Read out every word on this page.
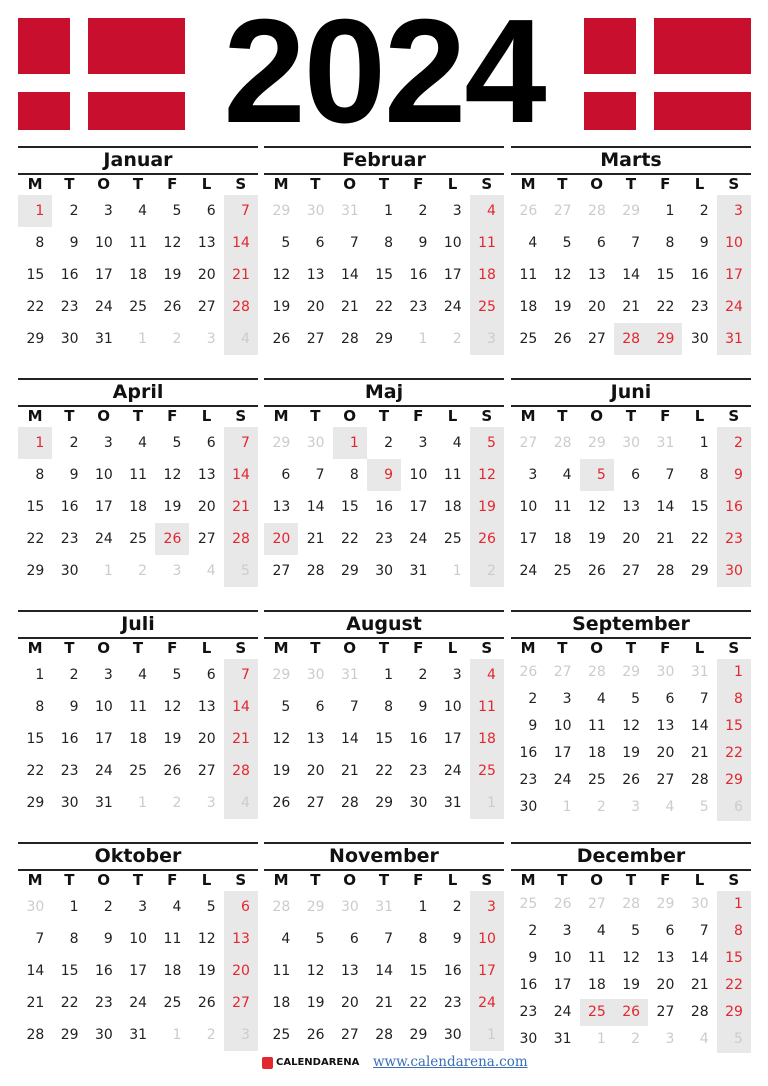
2024
Januar
M	T	O	T	F	L	S
1	2	3	4	5	6	7
8	9	10	11	12	13	14
15	16	17	18	19	20	21
22	23	24	25	26	27	28
29	30	31	1	2	3	4
Februar
M	T	O	T	F	L	S
29	30	31	1	2	3	4
5	6	7	8	9	10	11
12	13	14	15	16	17	18
19	20	21	22	23	24	25
26	27	28	29	1	2	3
Marts
M	T	O	T	F	L	S
26	27	28	29	1	2	3
4	5	6	7	8	9	10
11	12	13	14	15	16	17
18	19	20	21	22	23	24
25	26	27	28	29	30	31
April
M	T	O	T	F	L	S
1	2	3	4	5	6	7
8	9	10	11	12	13	14
15	16	17	18	19	20	21
22	23	24	25	26	27	28
29	30	1	2	3	4	5
Maj
M	T	O	T	F	L	S
29	30	1	2	3	4	5
6	7	8	9	10	11	12
13	14	15	16	17	18	19
20	21	22	23	24	25	26
27	28	29	30	31	1	2
Juni
M	T	O	T	F	L	S
27	28	29	30	31	1	2
3	4	5	6	7	8	9
10	11	12	13	14	15	16
17	18	19	20	21	22	23
24	25	26	27	28	29	30
Juli
M	T	O	T	F	L	S
1	2	3	4	5	6	7
8	9	10	11	12	13	14
15	16	17	18	19	20	21
22	23	24	25	26	27	28
29	30	31	1	2	3	4
August
M	T	O	T	F	L	S
29	30	31	1	2	3	4
5	6	7	8	9	10	11
12	13	14	15	16	17	18
19	20	21	22	23	24	25
26	27	28	29	30	31	1
September
M	T	O	T	F	L	S
26	27	28	29	30	31	1
2	3	4	5	6	7	8
9	10	11	12	13	14	15
16	17	18	19	20	21	22
23	24	25	26	27	28	29
30	1	2	3	4	5	6
Oktober
M	T	O	T	F	L	S
30	1	2	3	4	5	6
7	8	9	10	11	12	13
14	15	16	17	18	19	20
21	22	23	24	25	26	27
28	29	30	31	1	2	3
November
M	T	O	T	F	L	S
28	29	30	31	1	2	3
4	5	6	7	8	9	10
11	12	13	14	15	16	17
18	19	20	21	22	23	24
25	26	27	28	29	30	1
December
M	T	O	T	F	L	S
25	26	27	28	29	30	1
2	3	4	5	6	7	8
9	10	11	12	13	14	15
16	17	18	19	20	21	22
23	24	25	26	27	28	29
30	31	1	2	3	4	5
CALENDARENA www.calendarena.com
